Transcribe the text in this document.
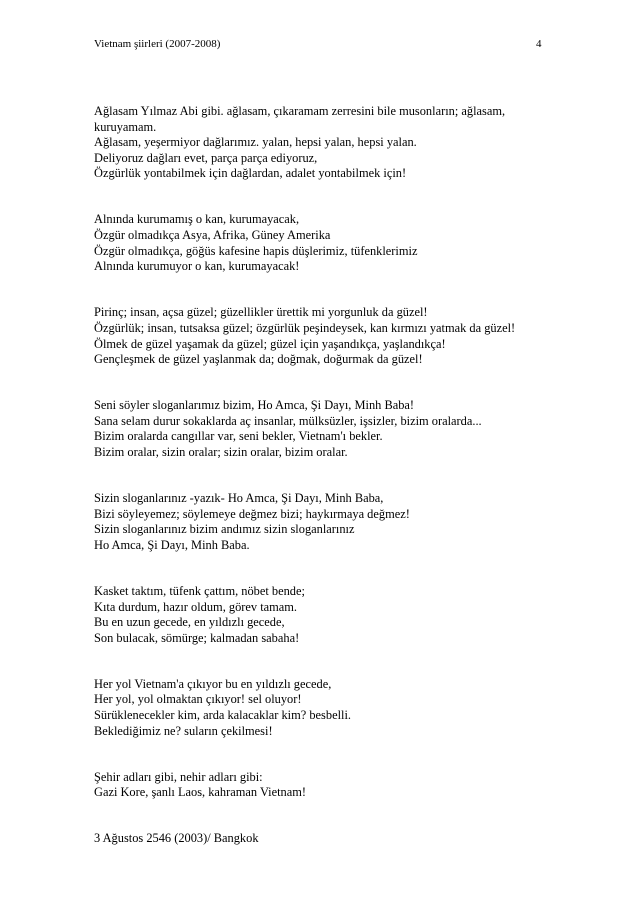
Vietnam şiirleri (2007-2008)	4
Ağlasam Yılmaz Abi gibi. ağlasam, çıkaramam zerresini bile musonların; ağlasam,
kuruyamam.
Ağlasam, yeşermiyor dağlarımız. yalan, hepsi yalan, hepsi yalan.
Deliyoruz dağları evet, parça parça ediyoruz,
Özgürlük yontabilmek için dağlardan, adalet yontabilmek için!
Alnında kurumamış o kan, kurumayacak,
Özgür olmadıkça Asya, Afrika, Güney Amerika
Özgür olmadıkça, göğüs kafesine hapis düşlerimiz, tüfenklerimiz
Alnında kurumuyor o kan, kurumayacak!
Pirinç; insan, açsa güzel; güzellikler ürettik mi yorgunluk da güzel!
Özgürlük; insan, tutsaksa güzel; özgürlük peşindeysek, kan kırmızı yatmak da güzel!
Ölmek de güzel yaşamak da güzel; güzel için yaşandıkça, yaşlandıkça!
Gençleşmek de güzel yaşlanmak da; doğmak, doğurmak da güzel!
Seni söyler sloganlarımız bizim, Ho Amca, Şi Dayı, Minh Baba!
Sana selam durur sokaklarda aç insanlar, mülksüzler, işsizler, bizim oralarda...
Bizim oralarda cangıllar var, seni bekler, Vietnam'ı bekler.
Bizim oralar, sizin oralar; sizin oralar, bizim oralar.
Sizin sloganlarınız -yazık- Ho Amca, Şi Dayı, Minh Baba,
Bizi söyleyemez; söylemeye değmez bizi; haykırmaya değmez!
Sizin sloganlarınız bizim andımız sizin sloganlarınız
Ho Amca, Şi Dayı, Minh Baba.
Kasket taktım, tüfenk çattım, nöbet bende;
Kıta durdum, hazır oldum, görev tamam.
Bu en uzun gecede, en yıldızlı gecede,
Son bulacak, sömürge; kalmadan sabaha!
Her yol Vietnam'a çıkıyor bu en yıldızlı gecede,
Her yol, yol olmaktan çıkıyor! sel oluyor!
Sürüklenecekler kim, arda kalacaklar kim? besbelli.
Beklediğimiz ne? suların çekilmesi!
Şehir adları gibi, nehir adları gibi:
Gazi Kore, şanlı Laos, kahraman Vietnam!
3 Ağustos 2546 (2003)/ Bangkok
